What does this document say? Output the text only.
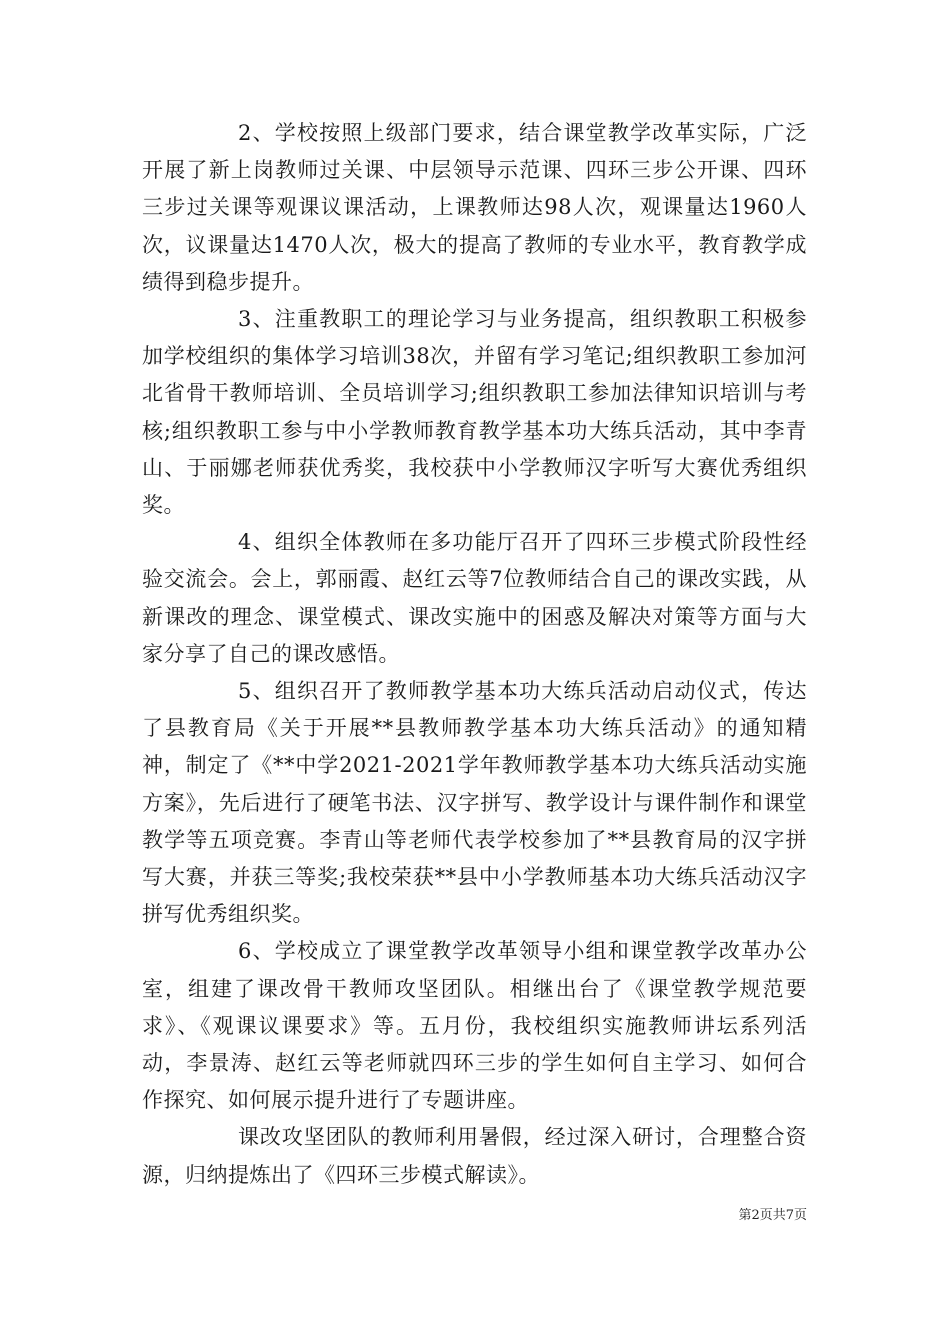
2、学校按照上级部门要求，结合课堂教学改革实际，广泛开展了新上岗教师过关课、中层领导示范课、四环三步公开课、四环三步过关课等观课议课活动，上课教师达98人次，观课量达1960人次，议课量达1470人次，极大的提高了教师的专业水平，教育教学成绩得到稳步提升。

3、注重教职工的理论学习与业务提高，组织教职工积极参加学校组织的集体学习培训38次，并留有学习笔记;组织教职工参加河北省骨干教师培训、全员培训学习;组织教职工参加法律知识培训与考核;组织教职工参与中小学教师教育教学基本功大练兵活动，其中李青山、于丽娜老师获优秀奖，我校获中小学教师汉字听写大赛优秀组织奖。

4、组织全体教师在多功能厅召开了四环三步模式阶段性经验交流会。会上，郭丽霞、赵红云等7位教师结合自己的课改实践，从新课改的理念、课堂模式、课改实施中的困惑及解决对策等方面与大家分享了自己的课改感悟。

5、组织召开了教师教学基本功大练兵活动启动仪式，传达了县教育局《关于开展**县教师教学基本功大练兵活动》的通知精神，制定了《**中学2021-2021学年教师教学基本功大练兵活动实施方案》，先后进行了硬笔书法、汉字拼写、教学设计与课件制作和课堂教学等五项竞赛。李青山等老师代表学校参加了**县教育局的汉字拼写大赛，并获三等奖;我校荣获**县中小学教师基本功大练兵活动汉字拼写优秀组织奖。

6、学校成立了课堂教学改革领导小组和课堂教学改革办公室，组建了课改骨干教师攻坚团队。相继出台了《课堂教学规范要求》、《观课议课要求》等。五月份，我校组织实施教师讲坛系列活动，李景涛、赵红云等老师就四环三步的学生如何自主学习、如何合作探究、如何展示提升进行了专题讲座。

课改攻坚团队的教师利用暑假，经过深入研讨，合理整合资源，归纳提炼出了《四环三步模式解读》。

第2页共7页
